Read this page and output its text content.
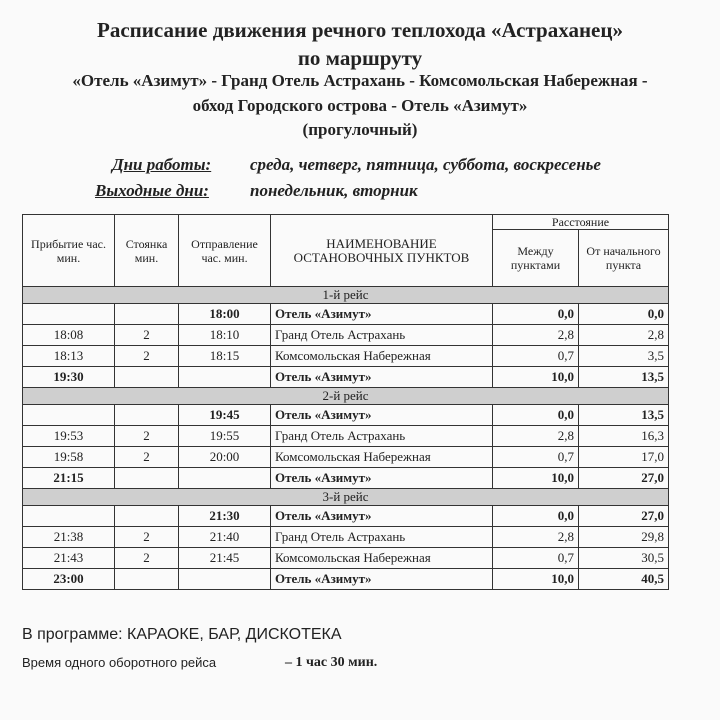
Расписание движения речного теплохода «Астраханец»
по маршруту
«Отель «Азимут» - Гранд Отель Астрахань - Комсомольская Набережная -
обход Городского острова - Отель «Азимут»
(прогулочный)
Дни работы: среда, четверг, пятница, суббота, воскресенье
Выходные дни: понедельник, вторник
Прибытие час. мин.	Стоянка мин.	Отправление час. мин.	НАИМЕНОВАНИЕ ОСТАНОВОЧНЫХ ПУНКТОВ	Расстояние	
				Между пунктами	От начального пункта
1-й рейс					
		18:00	Отель «Азимут»	0,0	0,0
18:08	2	18:10	Гранд Отель Астрахань	2,8	2,8
18:13	2	18:15	Комсомольская Набережная	0,7	3,5
19:30			Отель «Азимут»	10,0	13,5
2-й рейс					
		19:45	Отель «Азимут»	0,0	13,5
19:53	2	19:55	Гранд Отель Астрахань	2,8	16,3
19:58	2	20:00	Комсомольская Набережная	0,7	17,0
21:15			Отель «Азимут»	10,0	27,0
3-й рейс					
		21:30	Отель «Азимут»	0,0	27,0
21:38	2	21:40	Гранд Отель Астрахань	2,8	29,8
21:43	2	21:45	Комсомольская Набережная	0,7	30,5
23:00			Отель «Азимут»	10,0	40,5
В программе: КАРАОКЕ, БАР, ДИСКОТЕКА
Время одного оборотного рейса	– 1 час 30 мин.
